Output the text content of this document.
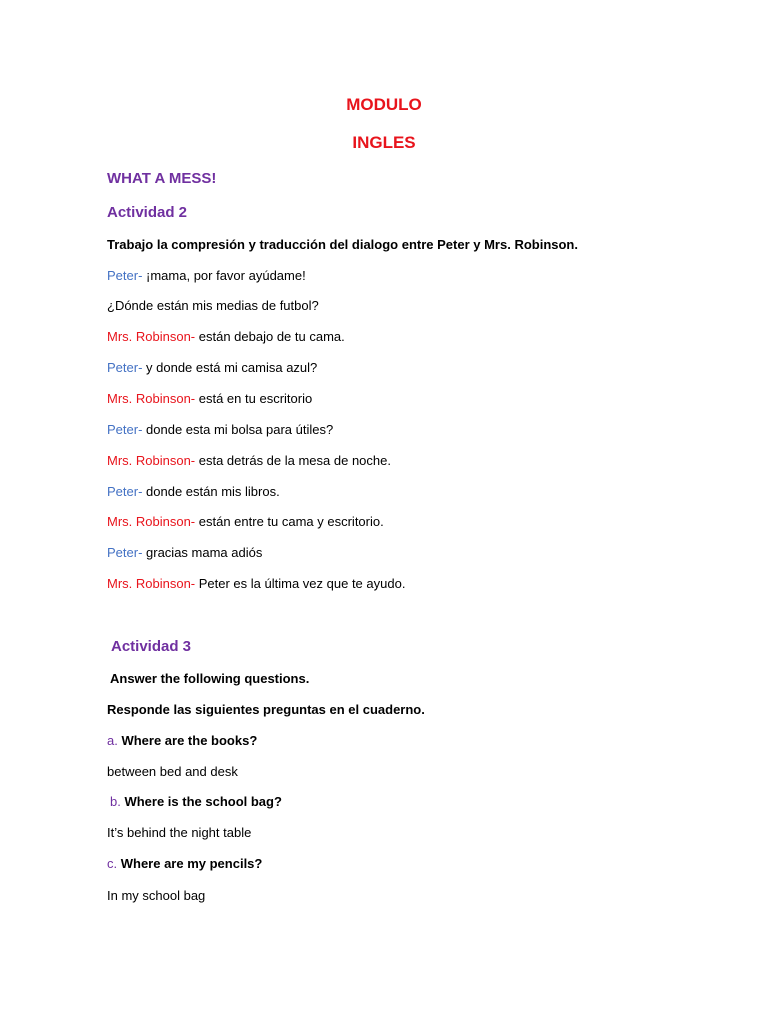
MODULO
INGLES
WHAT A MESS!
Actividad 2
Trabajo la compresión y traducción del dialogo entre Peter y Mrs. Robinson.
Peter- ¡mama, por favor ayúdame!
¿Dónde están mis medias de futbol?
Mrs. Robinson- están debajo de tu cama.
Peter- y donde está mi camisa azul?
Mrs. Robinson- está en tu escritorio
Peter- donde esta mi bolsa para útiles?
Mrs. Robinson- esta detrás de la mesa de noche.
Peter- donde están mis libros.
Mrs. Robinson- están entre tu cama y escritorio.
Peter- gracias mama adiós
Mrs. Robinson- Peter es la última vez que te ayudo.
Actividad 3
Answer the following questions.
Responde las siguientes preguntas en el cuaderno.
a. Where are the books?
between bed and desk
b. Where is the school bag?
It’s behind the night table
c. Where are my pencils?
In my school bag
